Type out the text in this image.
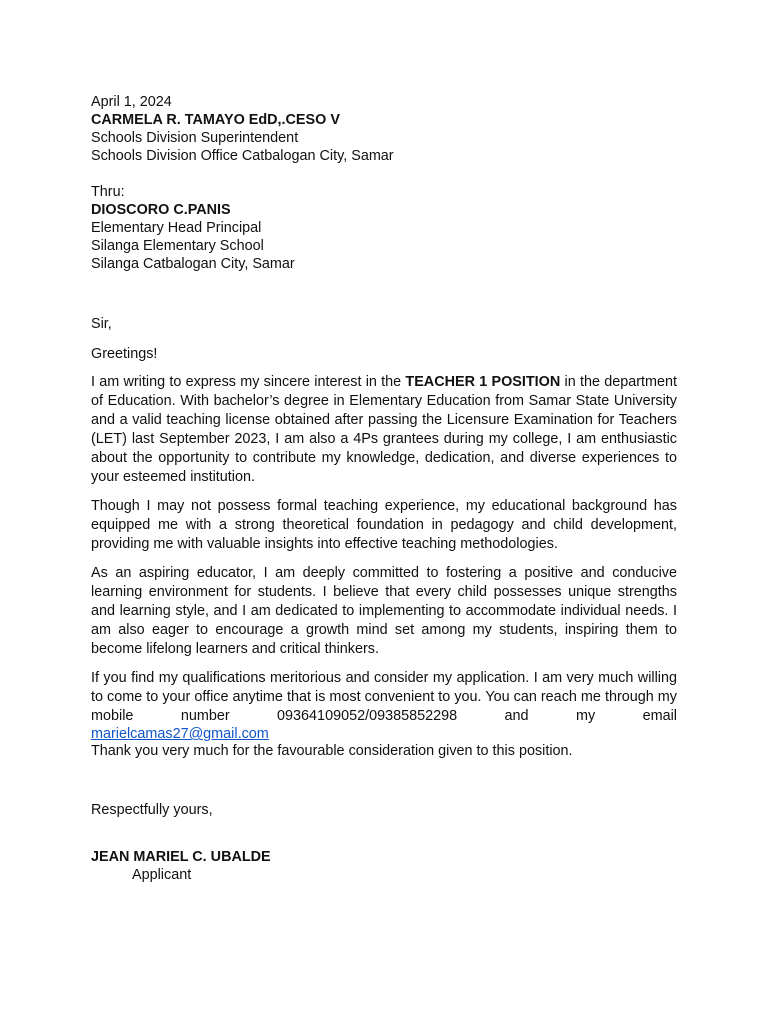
April 1, 2024
CARMELA R. TAMAYO EdD,.CESO V
Schools Division Superintendent
Schools Division Office Catbalogan City, Samar
Thru:
DIOSCORO C.PANIS
Elementary Head Principal
Silanga Elementary School
Silanga Catbalogan City, Samar
Sir,
Greetings!

I am writing to express my sincere interest in the TEACHER 1 POSITION in the department of Education. With bachelor’s degree in Elementary Education from Samar State University and a valid teaching license obtained after passing the Licensure Examination for Teachers (LET) last September 2023, I am also a 4Ps grantees during my college, I am enthusiastic about the opportunity to contribute my knowledge, dedication, and diverse experiences to your esteemed institution.

Though I may not possess formal teaching experience, my educational background has equipped me with a strong theoretical foundation in pedagogy and child development, providing me with valuable insights into effective teaching methodologies.

As an aspiring educator, I am deeply committed to fostering a positive and conducive learning environment for students. I believe that every child possesses unique strengths and learning style, and I am dedicated to implementing to accommodate individual needs. I am also eager to encourage a growth mind set among my students, inspiring them to become lifelong learners and critical thinkers.

If you find my qualifications meritorious and consider my application. I am very much willing to come to your office anytime that is most convenient to you. You can reach me through my mobile number 09364109052/09385852298 and my email

marielcamas27@gmail.com
Thank you very much for the favourable consideration given to this position.
Respectfully yours,
JEAN MARIEL C. UBALDE
Applicant
